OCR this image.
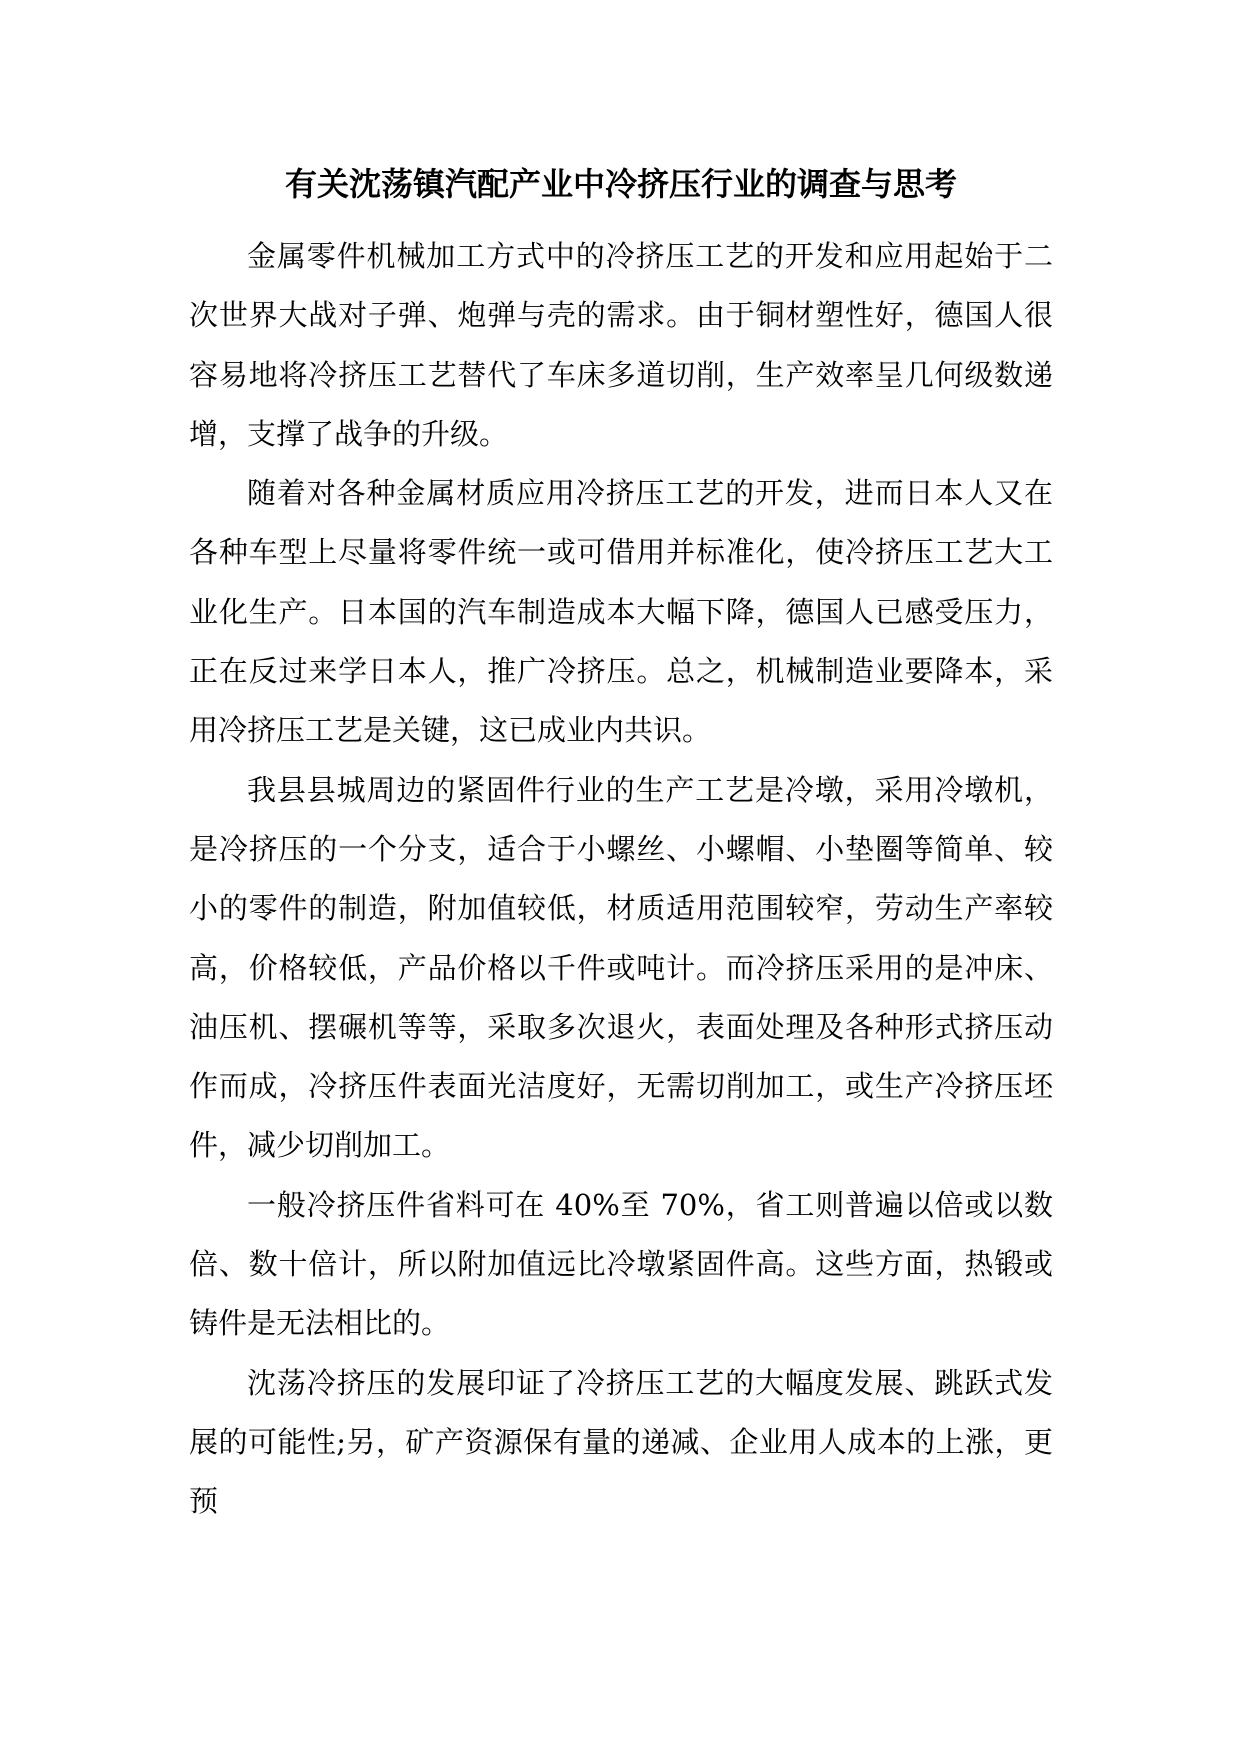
有关沈荡镇汽配产业中冷挤压行业的调查与思考

金属零件机械加工方式中的冷挤压工艺的开发和应用起始于二次世界大战对子弹、炮弹与壳的需求。由于铜材塑性好，德国人很容易地将冷挤压工艺替代了车床多道切削，生产效率呈几何级数递增，支撑了战争的升级。

随着对各种金属材质应用冷挤压工艺的开发，进而日本人又在各种车型上尽量将零件统一或可借用并标准化，使冷挤压工艺大工业化生产。日本国的汽车制造成本大幅下降，德国人已感受压力，正在反过来学日本人，推广冷挤压。总之，机械制造业要降本，采用冷挤压工艺是关键，这已成业内共识。

我县县城周边的紧固件行业的生产工艺是冷墩，采用冷墩机，是冷挤压的一个分支，适合于小螺丝、小螺帽、小垫圈等简单、较小的零件的制造，附加值较低，材质适用范围较窄，劳动生产率较高，价格较低，产品价格以千件或吨计。而冷挤压采用的是冲床、油压机、摆碾机等等，采取多次退火，表面处理及各种形式挤压动作而成，冷挤压件表面光洁度好，无需切削加工，或生产冷挤压坯件，减少切削加工。

一般冷挤压件省料可在 40%至 70%，省工则普遍以倍或以数倍、数十倍计，所以附加值远比冷墩紧固件高。这些方面，热锻或铸件是无法相比的。

沈荡冷挤压的发展印证了冷挤压工艺的大幅度发展、跳跃式发展的可能性;另，矿产资源保有量的递减、企业用人成本的上涨，更预
